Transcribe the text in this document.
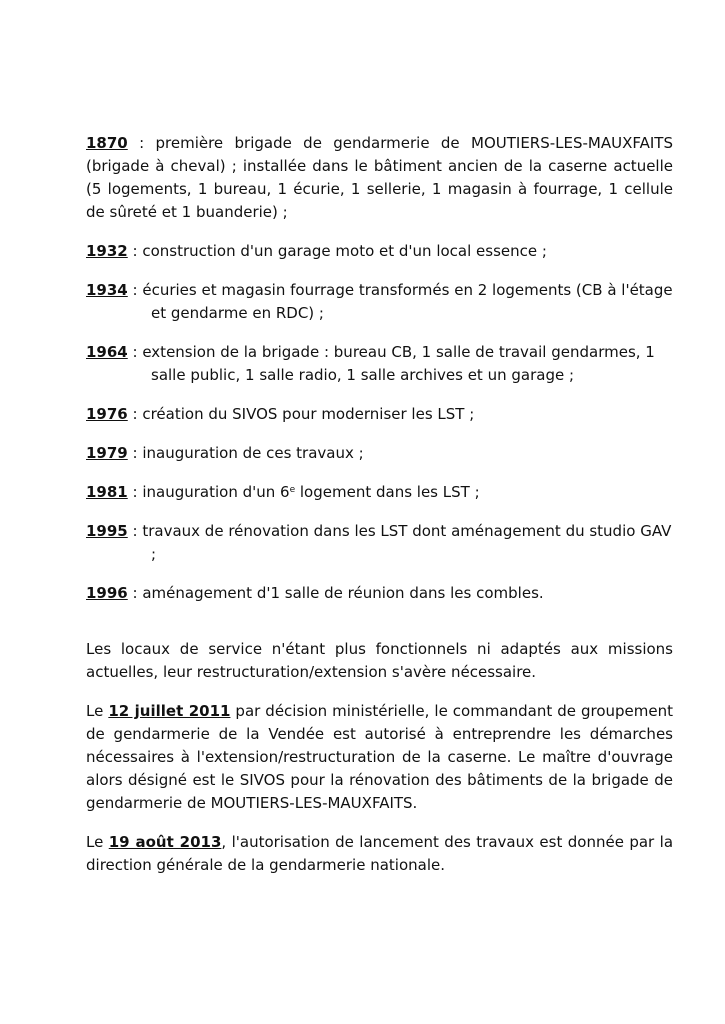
1870 : première brigade de gendarmerie de MOUTIERS-LES-MAUXFAITS (brigade à cheval) ; installée dans le bâtiment ancien de la caserne actuelle (5 logements, 1 bureau, 1 écurie, 1 sellerie, 1 magasin à fourrage, 1 cellule de sûreté et 1 buanderie) ;

1932 : construction d'un garage moto et d'un local essence ;

1934 : écuries et magasin fourrage transformés en 2 logements (CB à l'étage et gendarme en RDC) ;

1964 : extension de la brigade : bureau CB, 1 salle de travail gendarmes, 1 salle public, 1 salle radio, 1 salle archives et un garage ;

1976 : création du SIVOS pour moderniser les LST ;

1979 : inauguration de ces travaux ;

1981 : inauguration d'un 6e logement dans les LST ;

1995 : travaux de rénovation dans les LST dont aménagement du studio GAV ;

1996 : aménagement d'1 salle de réunion dans les combles.

Les locaux de service n'étant plus fonctionnels ni adaptés aux missions actuelles, leur restructuration/extension s'avère nécessaire.

Le 12 juillet 2011 par décision ministérielle, le commandant de groupement de gendarmerie de la Vendée est autorisé à entreprendre les démarches nécessaires à l'extension/restructuration de la caserne. Le maître d'ouvrage alors désigné est le SIVOS pour la rénovation des bâtiments de la brigade de gendarmerie de MOUTIERS-LES-MAUXFAITS.

Le 19 août 2013, l'autorisation de lancement des travaux est donnée par la direction générale de la gendarmerie nationale.
